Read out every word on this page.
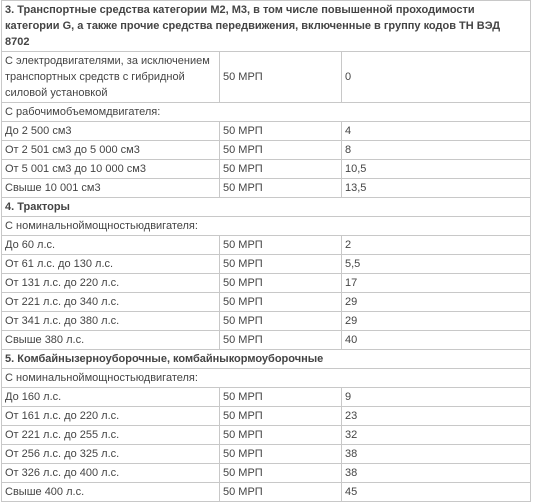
3. Транспортные средства категории М2, М3, в том числе повышенной проходимости категории G, а также прочие средства передвижения, включенные в группу кодов ТН ВЭД 8702		
С электродвигателями, за исключением транспортных средств с гибридной силовой установкой	50 МРП	0
С рабочимобъемомдвигателя:		
До 2 500 см3	50 МРП	4
От 2 501 см3 до 5 000 см3	50 МРП	8
От 5 001 см3 до 10 000 см3	50 МРП	10,5
Свыше 10 001 см3	50 МРП	13,5
4. Тракторы		
С номинальноймощностьюдвигателя:		
До 60 л.с.	50 МРП	2
От 61 л.с. до 130 л.с.	50 МРП	5,5
От 131 л.с. до 220 л.с.	50 МРП	17
От 221 л.с. до 340 л.с.	50 МРП	29
От 341 л.с. до 380 л.с.	50 МРП	29
Свыше 380 л.с.	50 МРП	40
5. Комбайнызерноуборочные, комбайныкормоуборочные		
С номинальноймощностьюдвигателя:		
До 160 л.с.	50 МРП	9
От 161 л.с. до 220 л.с.	50 МРП	23
От 221 л.с. до 255 л.с.	50 МРП	32
От 256 л.с. до 325 л.с.	50 МРП	38
От 326 л.с. до 400 л.с.	50 МРП	38
Свыше 400 л.с.	50 МРП	45
